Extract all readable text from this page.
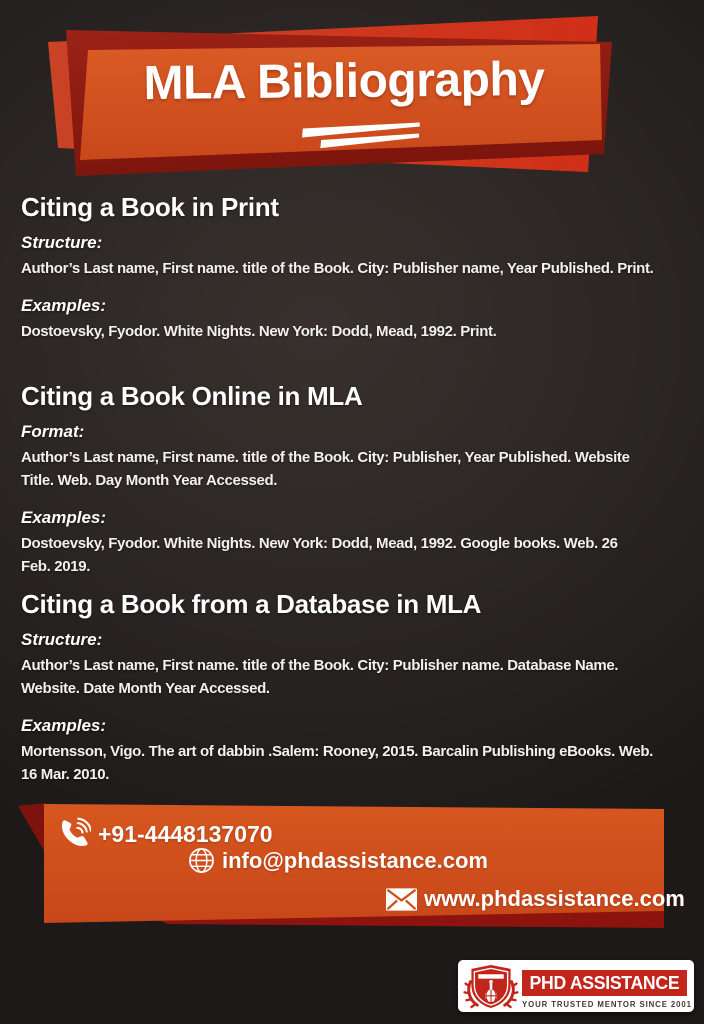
MLA Bibliography
Citing a Book in Print
Structure:
Author’s Last name, First name. title of the Book. City: Publisher name, Year Published. Print.
Examples:
Dostoevsky, Fyodor. White Nights. New York: Dodd, Mead, 1992. Print.
Citing a Book Online in MLA
Format:
Author’s Last name, First name. title of the Book. City: Publisher, Year Published. Website
Title. Web. Day Month Year Accessed.
Examples:
Dostoevsky, Fyodor. White Nights. New York: Dodd, Mead, 1992. Google books. Web. 26
Feb. 2019.
Citing a Book from a Database in MLA
Structure:
Author’s Last name, First name. title of the Book. City: Publisher name. Database Name.
Website. Date Month Year Accessed.
Examples:
Mortensson, Vigo. The art of dabbin .Salem: Rooney, 2015. Barcalin Publishing eBooks. Web.
16 Mar. 2010.
+91-4448137070
info@phdassistance.com
www.phdassistance.com
PHD ASSISTANCE
YOUR TRUSTED MENTOR SINCE 2001
